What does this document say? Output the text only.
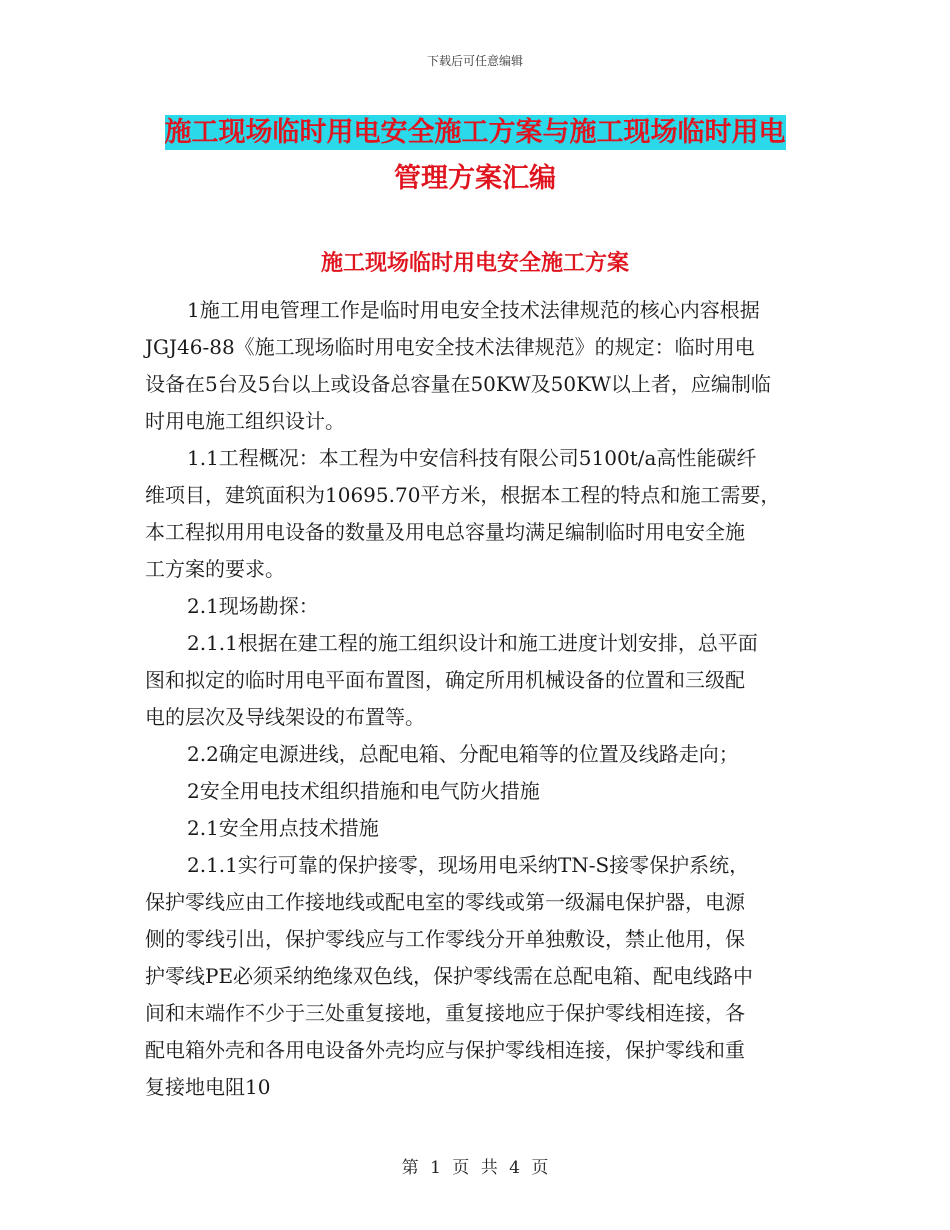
下载后可任意编辑
施工现场临时用电安全施工方案与施工现场临时用电
管理方案汇编
施工现场临时用电安全施工方案
1施工用电管理工作是临时用电安全技术法律规范的核心内容根据
JGJ46-88《施工现场临时用电安全技术法律规范》的规定：临时用电
设备在5台及5台以上或设备总容量在50KW及50KW以上者，应编制临
时用电施工组织设计。
1.1工程概况：本工程为中安信科技有限公司5100t/a高性能碳纤
维项目，建筑面积为10695.70平方米，根据本工程的特点和施工需要，
本工程拟用用电设备的数量及用电总容量均满足编制临时用电安全施
工方案的要求。
2.1现场勘探：
2.1.1根据在建工程的施工组织设计和施工进度计划安排，总平面
图和拟定的临时用电平面布置图，确定所用机械设备的位置和三级配
电的层次及导线架设的布置等。
2.2确定电源进线，总配电箱、分配电箱等的位置及线路走向；
2安全用电技术组织措施和电气防火措施
2.1安全用点技术措施
2.1.1实行可靠的保护接零，现场用电采纳TN-S接零保护系统，
保护零线应由工作接地线或配电室的零线或第一级漏电保护器，电源
侧的零线引出，保护零线应与工作零线分开单独敷设，禁止他用，保
护零线PE必须采纳绝缘双色线，保护零线需在总配电箱、配电线路中
间和末端作不少于三处重复接地，重复接地应于保护零线相连接，各
配电箱外壳和各用电设备外壳均应与保护零线相连接，保护零线和重
复接地电阻10
第 1 页 共 4 页
